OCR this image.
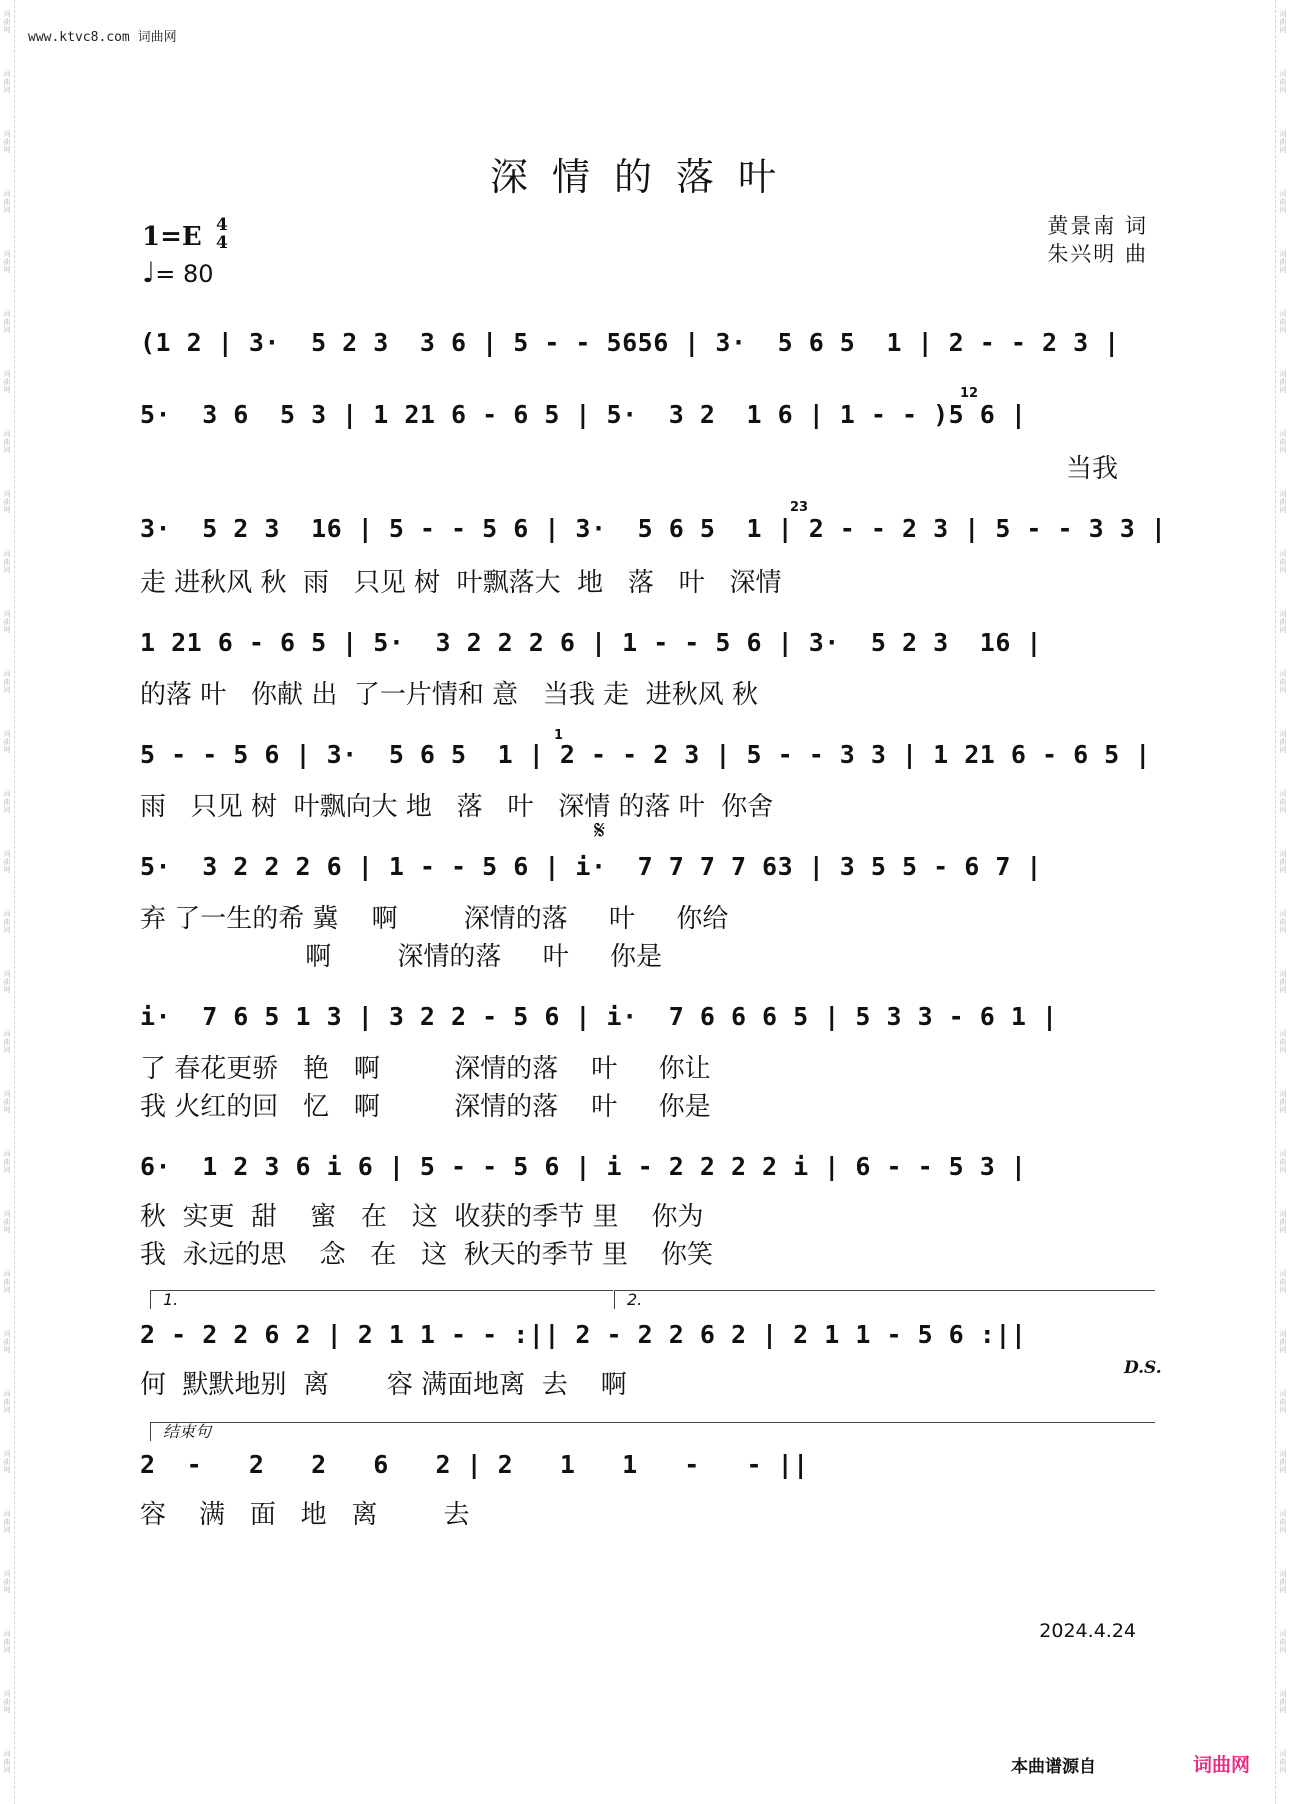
词
曲
网
词
曲
网
词
曲
网
词
曲
网
词
曲
网
词
曲
网
词
曲
网
词
曲
网
词
曲
网
词
曲
网
词
曲
网
词
曲
网
词
曲
网
词
曲
网
词
曲
网
词
曲
网
词
曲
网
词
曲
网
词
曲
网
词
曲
网
词
曲
网
词
曲
网
词
曲
网
词
曲
网
词
曲
网
词
曲
网
词
曲
网
词
曲
网
词
曲
网
词
曲
网
词
曲
网
词
曲
网
词
曲
网
词
曲
网
词
曲
网
词
曲
网
词
曲
网
词
曲
网
词
曲
网
词
曲
网
词
曲
网
词
曲
网
词
曲
网
词
曲
网
词
曲
网
词
曲
网
词
曲
网
词
曲
网
词
曲
网
词
曲
网
词
曲
网
词
曲
网
词
曲
网
词
曲
网
词
曲
网
词
曲
网
词
曲
网
词
曲
网
词
曲
网
词
曲
网
www.ktvc8.com 词曲网
深情的落叶
1=E 4
4
♩= 80
黄景南 词
朱兴明 曲
(1 2 | 3·  5 2 3  3 6 | 5 - - 5656 | 3·  5 6 5  1 | 2 - - 2 3 |
5·  3 6  5 3 | 1 21 6 - 6 5 | 5·  3 2  1 6 | 1 - - )5 6 |
12
当我
3·  5 2 3  16 | 5 - - 5 6 | 3·  5 6 5  1 | 2 - - 2 3 | 5 - - 3 3 |
23
走 进秋风 秋  雨   只见 树  叶飘落大  地   落   叶   深情
1 21 6 - 6 5 | 5·  3 2 2 2 6 | 1 - - 5 6 | 3·  5 2 3  16 |
的落 叶   你献 出  了一片情和 意   当我 走  进秋风 秋
5 - - 5 6 | 3·  5 6 5  1 | 2 - - 2 3 | 5 - - 3 3 | 1 21 6 - 6 5 |
1
雨   只见 树  叶飘向大 地   落   叶   深情 的落 叶  你舍
𝄋
5·  3 2 2 2 6 | 1 - - 5 6 | i·  7 7 7 7 63 | 3 5 5 - 6 7 |
弃 了一生的希 冀    啊        深情的落     叶     你给
啊        深情的落     叶     你是
i·  7 6 5 1 3 | 3 2 2 - 5 6 | i·  7 6 6 6 5 | 5 3 3 - 6 1 |
了 春花更骄   艳   啊         深情的落    叶     你让
我 火红的回   忆   啊         深情的落    叶     你是
6·  1 2 3 6 i 6 | 5 - - 5 6 | i - 2 2 2 2 i | 6 - - 5 3 |
秋  实更  甜    蜜   在   这  收获的季节 里    你为
我  永远的思    念   在   这  秋天的季节 里    你笑
1.	2.
2 - 2 2 6 2 | 2 1 1 - - :|| 2 - 2 2 6 2 | 2 1 1 - 5 6 :||
D.S.
何  默默地别  离       容 满面地离  去    啊
结束句
2  -   2   2   6   2 | 2   1   1   -   - ||
容    满   面   地   离        去
2024.4.24
本曲谱源自	词曲网
